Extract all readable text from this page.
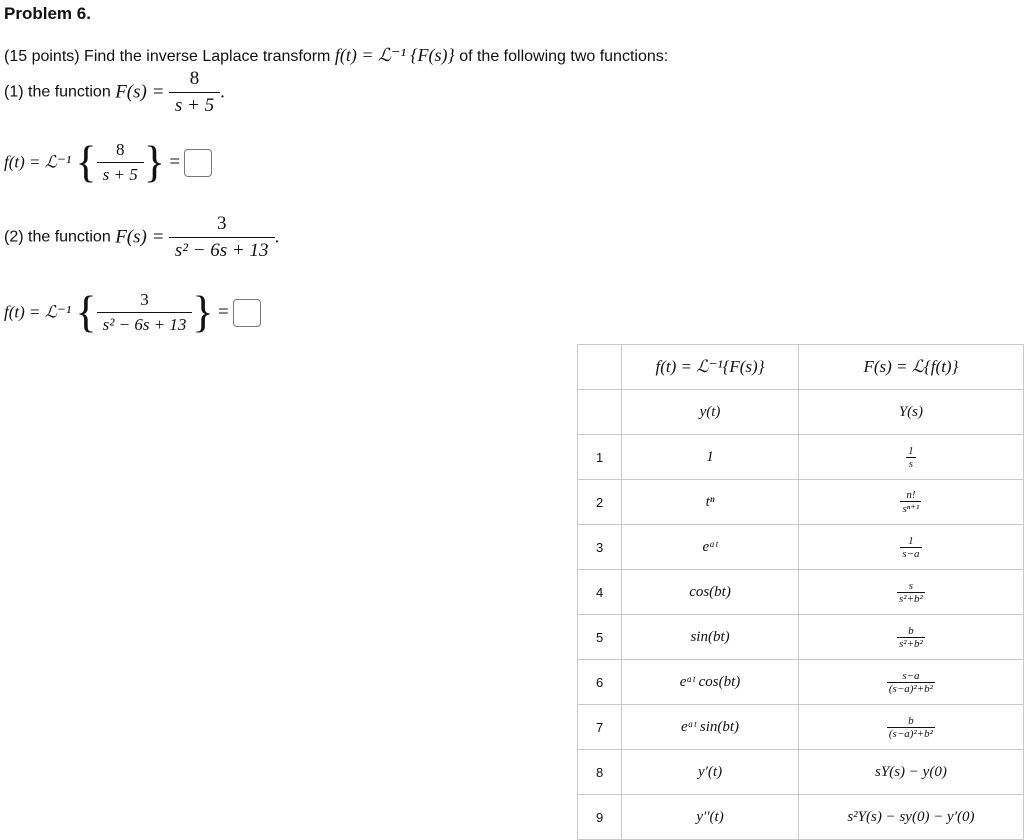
Problem 6.
(15 points) Find the inverse Laplace transform f(t) = ℒ⁻¹ {F(s)} of the following two functions:
(1) the function $F(s) = \frac{8}{s + 5}$ .
f(t) = ℒ⁻¹ { $\frac{8}{s + 5}$ } =
(2) the function $F(s) = \frac{3}{\text{s² − 6s + 13}}$ .
f(t) = ℒ⁻¹ { $\frac{3}{\text{s² − 6s + 13}}$ } =
	f(t) = ℒ⁻¹{F(s)}	F(s) = ℒ{f(t)}
	y(t)	Y(s)
1	1	$\frac{1}{s}$

2	tⁿ	$\frac{n!}{\text{sⁿ⁺¹}}$

3	eᵃᵗ	$\frac{1}{s-a}$

4	cos(bt)	$\frac{s}{\text{s²+b²}}$

5	sin(bt)	$\frac{b}{\text{s²+b²}}$

6	eᵃᵗ cos(bt)	$\frac{s-a}{\text{(s−a)²+b²}}$

7	eᵃᵗ sin(bt)	$\frac{b}{\text{(s−a)²+b²}}$

8	y′(t)	sY(s) − y(0)
9	y′′(t)	s²Y(s) − sy(0) − y′(0)
